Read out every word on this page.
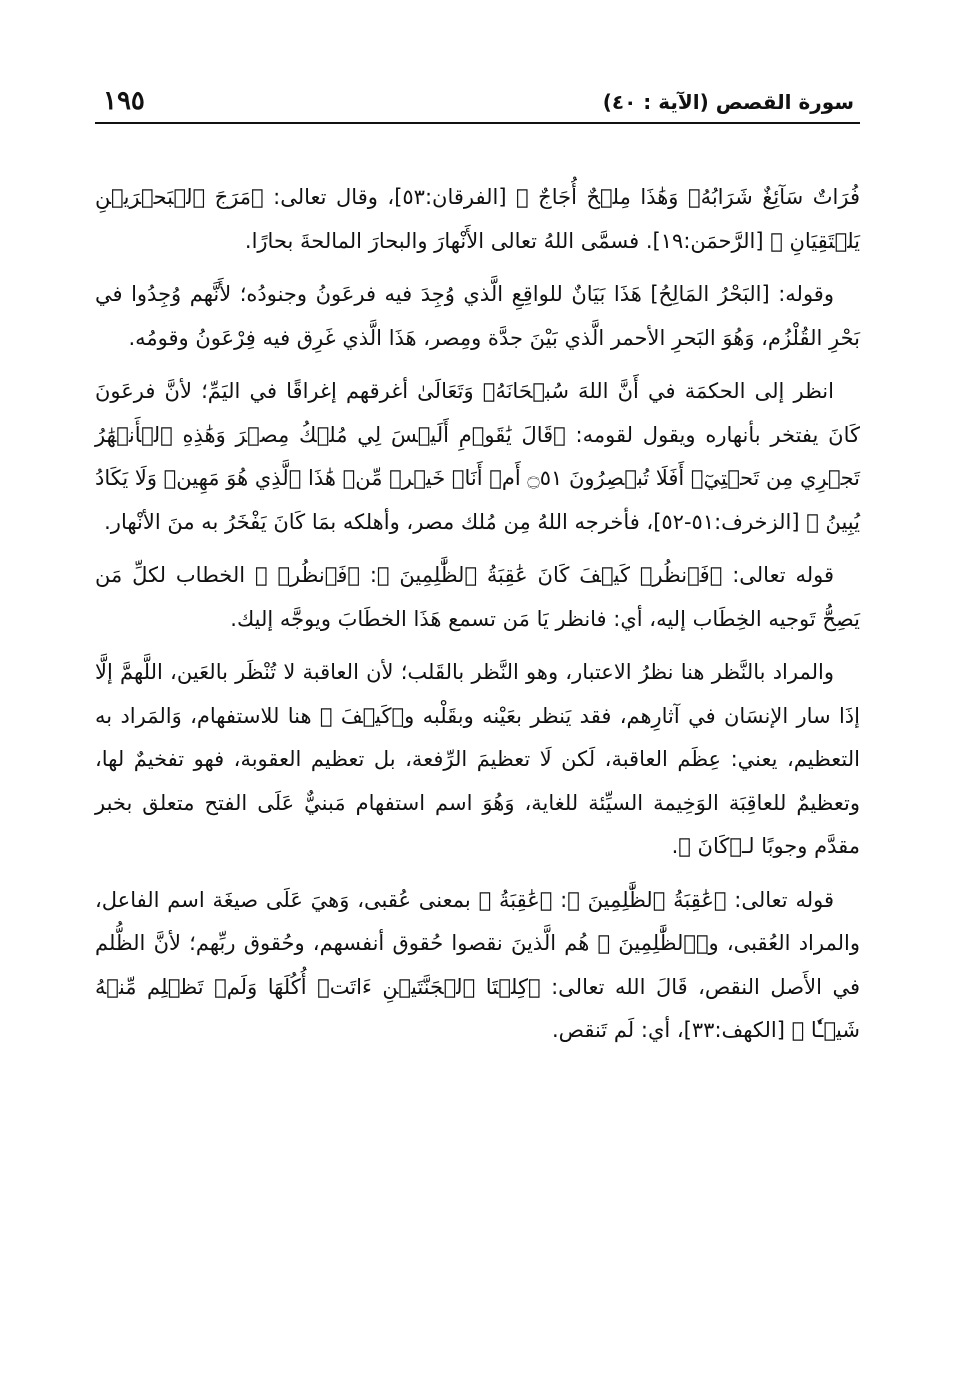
١٩٥	سورة القصص (الآية : ٤٠)

فُرَاتٌ سَآئِغٌ شَرَابُهُۥ وَهَٰذَا مِلۡحٌ أُجَاجٌ ﴾ [الفرقان:٥٣]، وقال تعالى: ﴿مَرَجَ ٱلۡبَحۡرَيۡنِ يَلۡتَقِيَانِ ﴾ [الرَّحمَن:١٩]. فسمَّى اللهُ تعالى الأَنْهارَ والبحارَ المالحةَ بحارًا.

وقوله: [البَحْرُ المَالِحُ] هَذَا بَيَانٌ للواقِعِ الَّذي وُجِدَ فيه فرعَونُ وجنودُه؛ لأَنَّهم وُجِدُوا في بَحْرِ القُلْزُم، وَهُوَ البَحرِ الأحمر الَّذي بَيْنَ جدَّة ومِصر، هَذَا الَّذي غَرِق فيه فِرْعَونُ وقومُه.

انظر إلى الحكمَة في أَنَّ اللهَ سُبۡحَانَهُۥ وَتَعَالَىٰ أغرقهم إغراقًا في اليَمِّ؛ لأنَّ فرعَونَ كَانَ يفتخر بأنهاره ويقول لقومه: ﴿قَالَ يَٰقَوۡمِ أَلَيۡسَ لِي مُلۡكُ مِصۡرَ وَهَٰذِهِ ٱلۡأَنۡهَٰرُ تَجۡرِي مِن تَحۡتِيٓۚ أَفَلَا تُبۡصِرُونَ ۝٥١ أَمۡ أَنَا۠ خَيۡرٞ مِّنۡ هَٰذَا ٱلَّذِي هُوَ مَهِينٞ وَلَا يَكَادُ يُبِينُ ﴾ [الزخرف:٥١-٥٢]، فأخرجه اللهُ مِن مُلك مصر، وأهلكه بمَا كَانَ يَفْخَرُ به منَ الأنْهار.

قوله تعالى: ﴿فَٱنظُرۡ كَيۡفَ كَانَ عَٰقِبَةُ ٱلظَّٰلِمِينَ ﴾: ﴿فَٱنظُرۡ ﴾ الخطاب لكلِّ مَن يَصِحُّ تَوجيه الخِطَاب إليه، أي: فانظر يَا مَن تسمع هَذَا الخطَابَ ويوجَّه إليك.

والمراد بالنَّظر هنا نظرُ الاعتبار، وهو النَّظر بالقَلب؛ لأن العاقبة لا تُنْظَر بالعَين، اللَّهمَّ إلَّا إذَا سار الإنسَان في آثارِهم، فقد يَنظر بعَيْنه وبقَلْبه و﴿كَيۡفَ ﴾ هنا للاستفهام، وَالمَراد به التعظيم، يعني: عِظَم العاقبة، لَكن لَا تعظيمَ الرِّفعة، بل تعظيم العقوبة، فهو تفخيمٌ لها، وتعظيمٌ للعاقِبَة الوَخِيمة السيِّئة للغاية، وَهُوَ اسم استفهام مَبنيٌّ عَلَى الفتح متعلق بخبر مقدَّم وجوبًا لـ﴿كَانَ ﴾.

قوله تعالى: ﴿عَٰقِبَةُ ٱلظَّٰلِمِينَ ﴾: ﴿عَٰقِبَةُ ﴾ بمعنى عُقبى، وَهيَ عَلَى صيغَة اسم الفاعل، والمراد العُقبى، و﴿ٱلظَّٰلِمِينَ ﴾ هُم الَّذينَ نقصوا حُقوق أنفسهم، وحُقوق ربِّهم؛ لأنَّ الظُّلم في الأَصل النقص، قَالَ الله تعالى: ﴿كِلۡتَا ٱلۡجَنَّتَيۡنِ ءَاتَتۡ أُكُلَهَا وَلَمۡ تَظۡلِم مِّنۡهُ شَيۡـٔٗا ﴾ [الكهف:٣٣]، أي: لَم تَنقص.
